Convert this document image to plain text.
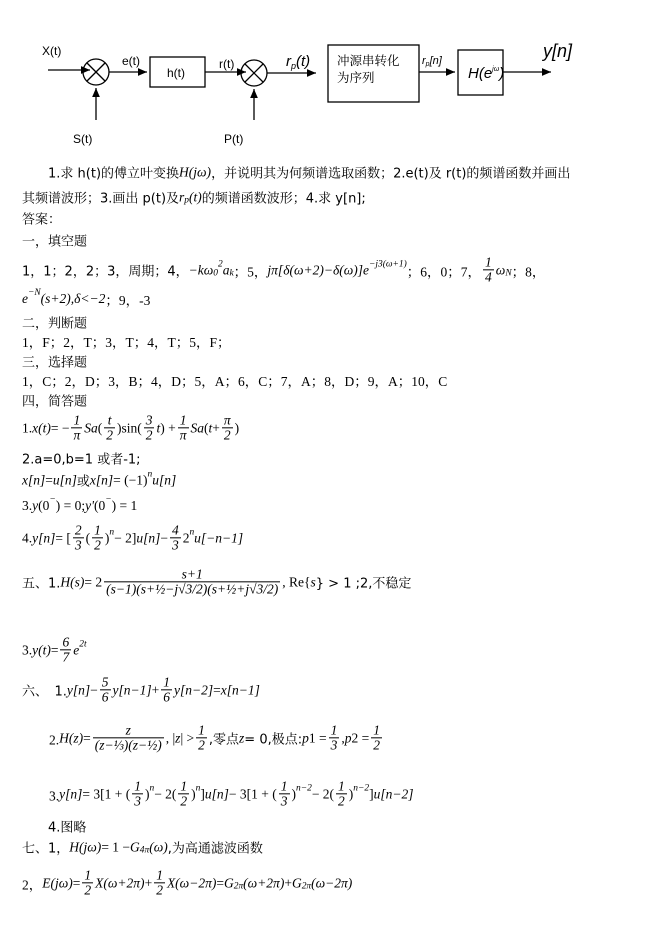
X(t)
S(t)
e(t)
h(t)
r(t)
P(t)
$r_p(t)$ 冲源串转化
为序列
rp[n]
$H(e^{j\omega})$
y[n]
　　1.求 h(t)的傅立叶变换 H(jω) ，并说明其为何频谱选取函数；2.e(t)及 r(t)的频谱函数并画出
其频谱波形；3.画出 p(t)及 r p (t) 的频谱函数波形；4.求 y[n];
答案：
一，填空题
1，1；2，2；3，周期；4， −kω 0
2 a k ；5， jπ[δ(ω+2)−δ(ω)]e −j3(ω+1) ；6，0；7， $\frac{1}{4}$ ω N ；8，
e −N (s+2),δ<−2 ；9，-3
二，判断题
1，F；2，T；3，T；4，T；5，F；
三，选择题
1，C；2，D；3，B；4，D；5，A；6，C；7，A；8，D；9，A；10，C
四，简答题
1. x(t) = − $\frac{1}{\pi}$ Sa ( $\frac{t}{2} )\sin( \frac{3}{2}$ t ) + $\frac{1}{\pi}$ Sa ( $t + \frac{\pi}{2}$ )
2.a=0,b=1 或者-1;
x[n] = u[n] 或 x[n] = (−1) n u[n]
3. y (0 − ) = 0; y' (0 − ) = 1
4. y[n] = [ $\frac{2}{3}$ ( $\frac{1}{2}$ ) n − 2] $u[n] - \frac{4}{3} 2$ n u[−n−1]
五、1. $H(s) = 2 \frac{s+1}{\text{(s−1)(s+½−j√3/2)(s+½+j√3/2)}}$ , Re{ s } > 1 ;2,不稳定
3. $y(t) = \frac{6}{7}$ e 2t
六、　1. $y[n] - \frac{5}{6} y[n-1] + \frac{1}{6} y[n-2] = x[n-1]$
　　2. $H(z) = \frac{z}{\text{(z−⅓)(z−½)}}$ , | z | > $\frac{1}{2}$ ,零点 z = 0,极点: p $1 = \frac{1}{3}$ , p $2 = \frac{1}{2}$
　　3. y[n] = 3[1 + ( $\frac{1}{3}$ ) $n - 2( \frac{1}{2}$ ) n ] u[n] − 3[1 + ( $\frac{1}{3}$ ) $n-2 - 2( \frac{1}{2}$ ) n−2 ] u[n−2]
　　4.图略
七、1， H(jω) = 1 − G 4π (ω) ,为高通滤波函数
2， $E(j\omega) = \frac{1}{2} X(\omega+2\pi) + \frac{1}{2} X(\omega-2\pi) = G$ 2π (ω+2π) + G 2π (ω−2π)
